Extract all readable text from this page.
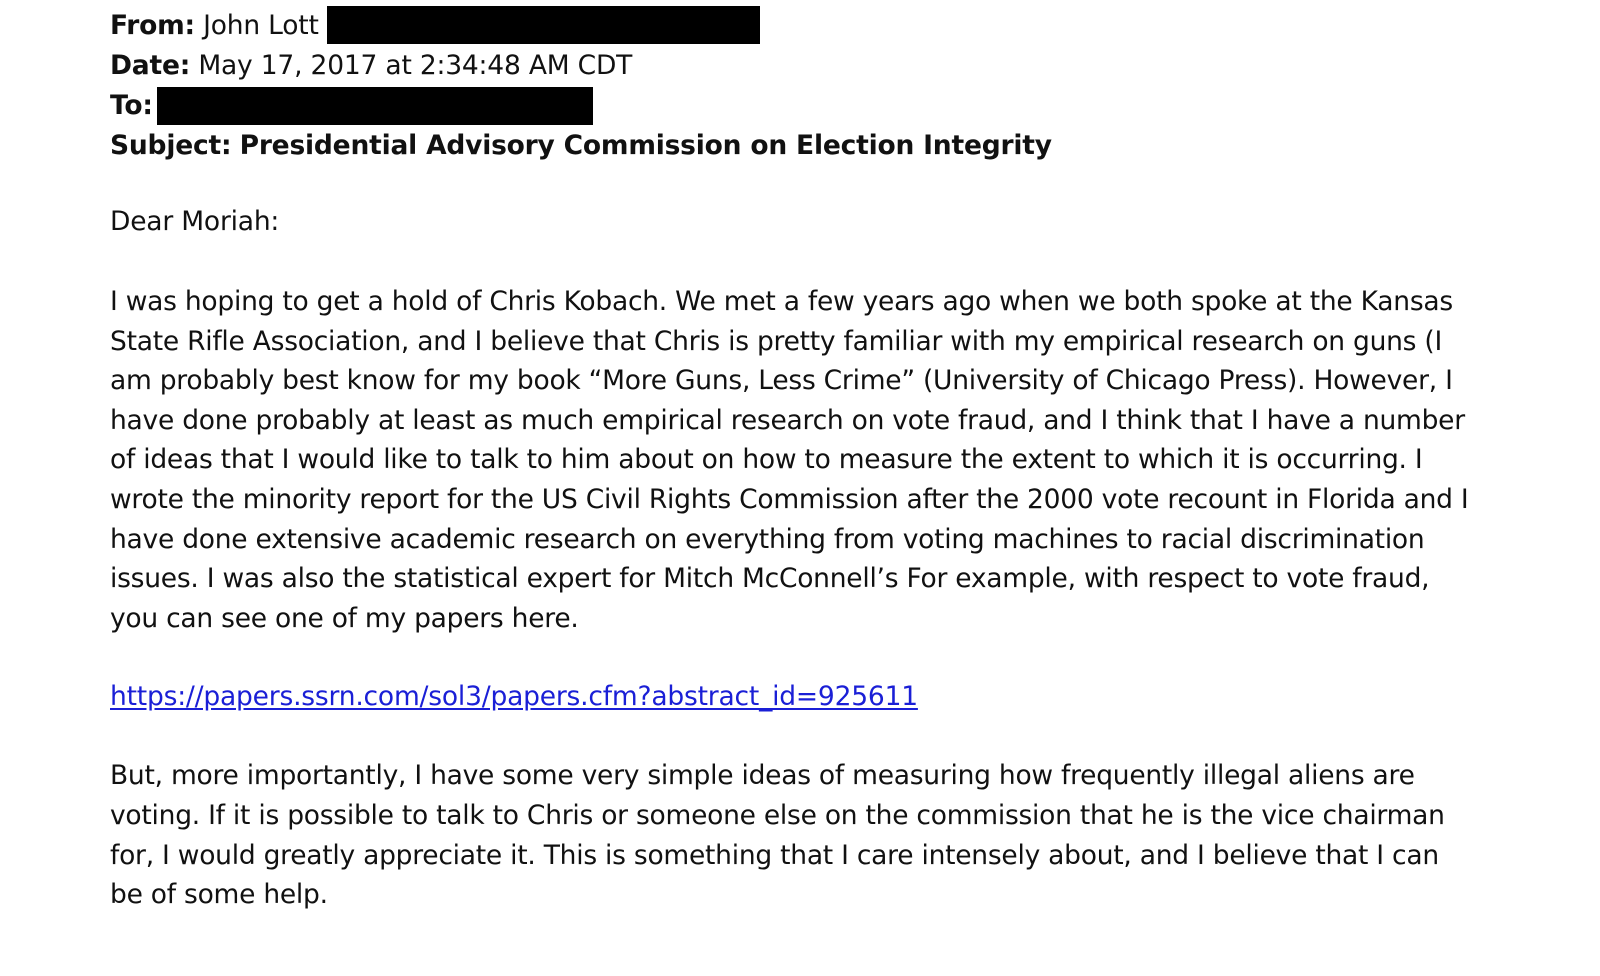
From: John Lott
Date: May 17, 2017 at 2:34:48 AM CDT
To:
Subject: Presidential Advisory Commission on Election Integrity
Dear Moriah:
I was hoping to get a hold of Chris Kobach. We met a few years ago when we both spoke at the Kansas
State Rifle Association, and I believe that Chris is pretty familiar with my empirical research on guns (I
am probably best know for my book “More Guns, Less Crime” (University of Chicago Press). However, I
have done probably at least as much empirical research on vote fraud, and I think that I have a number
of ideas that I would like to talk to him about on how to measure the extent to which it is occurring. I
wrote the minority report for the US Civil Rights Commission after the 2000 vote recount in Florida and I
have done extensive academic research on everything from voting machines to racial discrimination
issues. I was also the statistical expert for Mitch McConnell’s For example, with respect to vote fraud,
you can see one of my papers here.
https://papers.ssrn.com/sol3/papers.cfm?abstract_id=925611
But, more importantly, I have some very simple ideas of measuring how frequently illegal aliens are
voting. If it is possible to talk to Chris or someone else on the commission that he is the vice chairman
for, I would greatly appreciate it. This is something that I care intensely about, and I believe that I can
be of some help.
